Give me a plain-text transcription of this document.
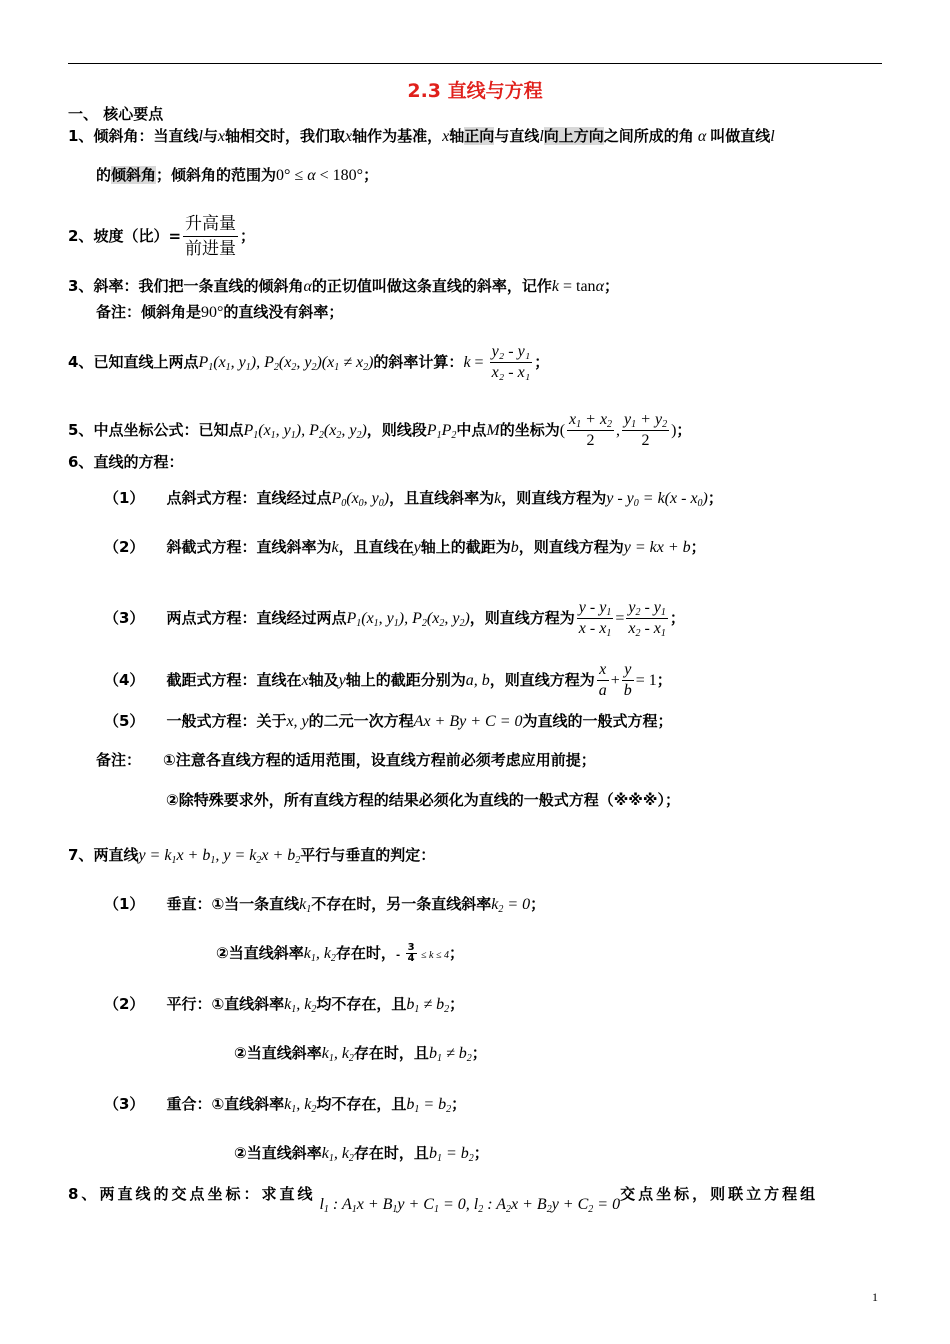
2.3 直线与方程
一、 核心要点
1、倾斜角：当直线l与x轴相交时，我们取x轴作为基准，x轴正向与直线l向上方向之间所成的角 α 叫做直线l
的倾斜角；倾斜角的范围为0° ≤ α < 180°；
2、坡度（比）= $\frac{\text{升高量}}{\text{前进量}}$ ；
3、斜率：我们把一条直线的倾斜角α的正切值叫做这条直线的斜率，记作k = tanα；
备注：倾斜角是90°的直线没有斜率；
4、已知直线上两点$P_1(x_1$, $y_1$), $P_2(x_2$, $y_2)(x_1 \ne x_2)$的斜率计算：$k = \frac{\text{y₂ - y₁}}{\text{x₂ - x₁}}$ ；
5、中点坐标公式：已知点$P_1(x_1$, $y_1$), $P_2(x_2$, $y_2$)，则线段$P_1P_2$中点M的坐标为( $\frac{x_1 + x_2}{2}$ , $\frac{y_1 + y_2}{2}$ )；
6、直线的方程：
（1） 点斜式方程：直线经过点$P_0(x_0$, $y_0$)，且直线斜率为k，则直线方程为$y - y_0 = k(x - x_0)$；
（2） 斜截式方程：直线斜率为k，且直线在y轴上的截距为b，则直线方程为y = kx + b；
（3） 两点式方程：直线经过两点$P_1(x_1$, $y_1$), $P_2(x_2$, $y_2$)，则直线方程为 $\frac{y - y_1}{x - x_1} = \frac{y_2 - y_1}{x_2 - x_1}$ ；
（4） 截距式方程：直线在x轴及y轴上的截距分别为a, b，则直线方程为 $\frac{x}{a} + \frac{y}{b} = 1$；
（5） 一般式方程：关于x, y的二元一次方程Ax + By + C = 0为直线的一般式方程；
备注： ①注意各直线方程的适用范围，设直线方程前必须考虑应用前提；
②除特殊要求外，所有直线方程的结果必须化为直线的一般式方程（※※※）；
7、两直线$y = k_1x + b_1$, $y = k_2x + b_2$平行与垂直的判定：
（1） 垂直：①当一条直线$k_1$不存在时，另一条直线斜率$k_2 = 0$；
②当直线斜率$k_1$, $k_2$存在时，- $\frac{3}{4} \le k \le 4$；
（2） 平行：①直线斜率$k_1$, $k_2$均不存在，且$b_1 \ne b_2$；
②当直线斜率$k_1$, $k_2$存在时，且$b_1 \ne b_2$；
（3） 重合：①直线斜率$k_1$, $k_2$均不存在，且$b_1 = b_2$；
②当直线斜率$k_1$, $k_2$存在时，且$b_1 = b_2$；
8、两直线的交点坐标：求直线 $l_1$ : $A_1x + B_1y + C_1 = 0$, $l_2$ : $A_2x + B_2y + C_2 = 0$交点坐标，则联立方程组
1
